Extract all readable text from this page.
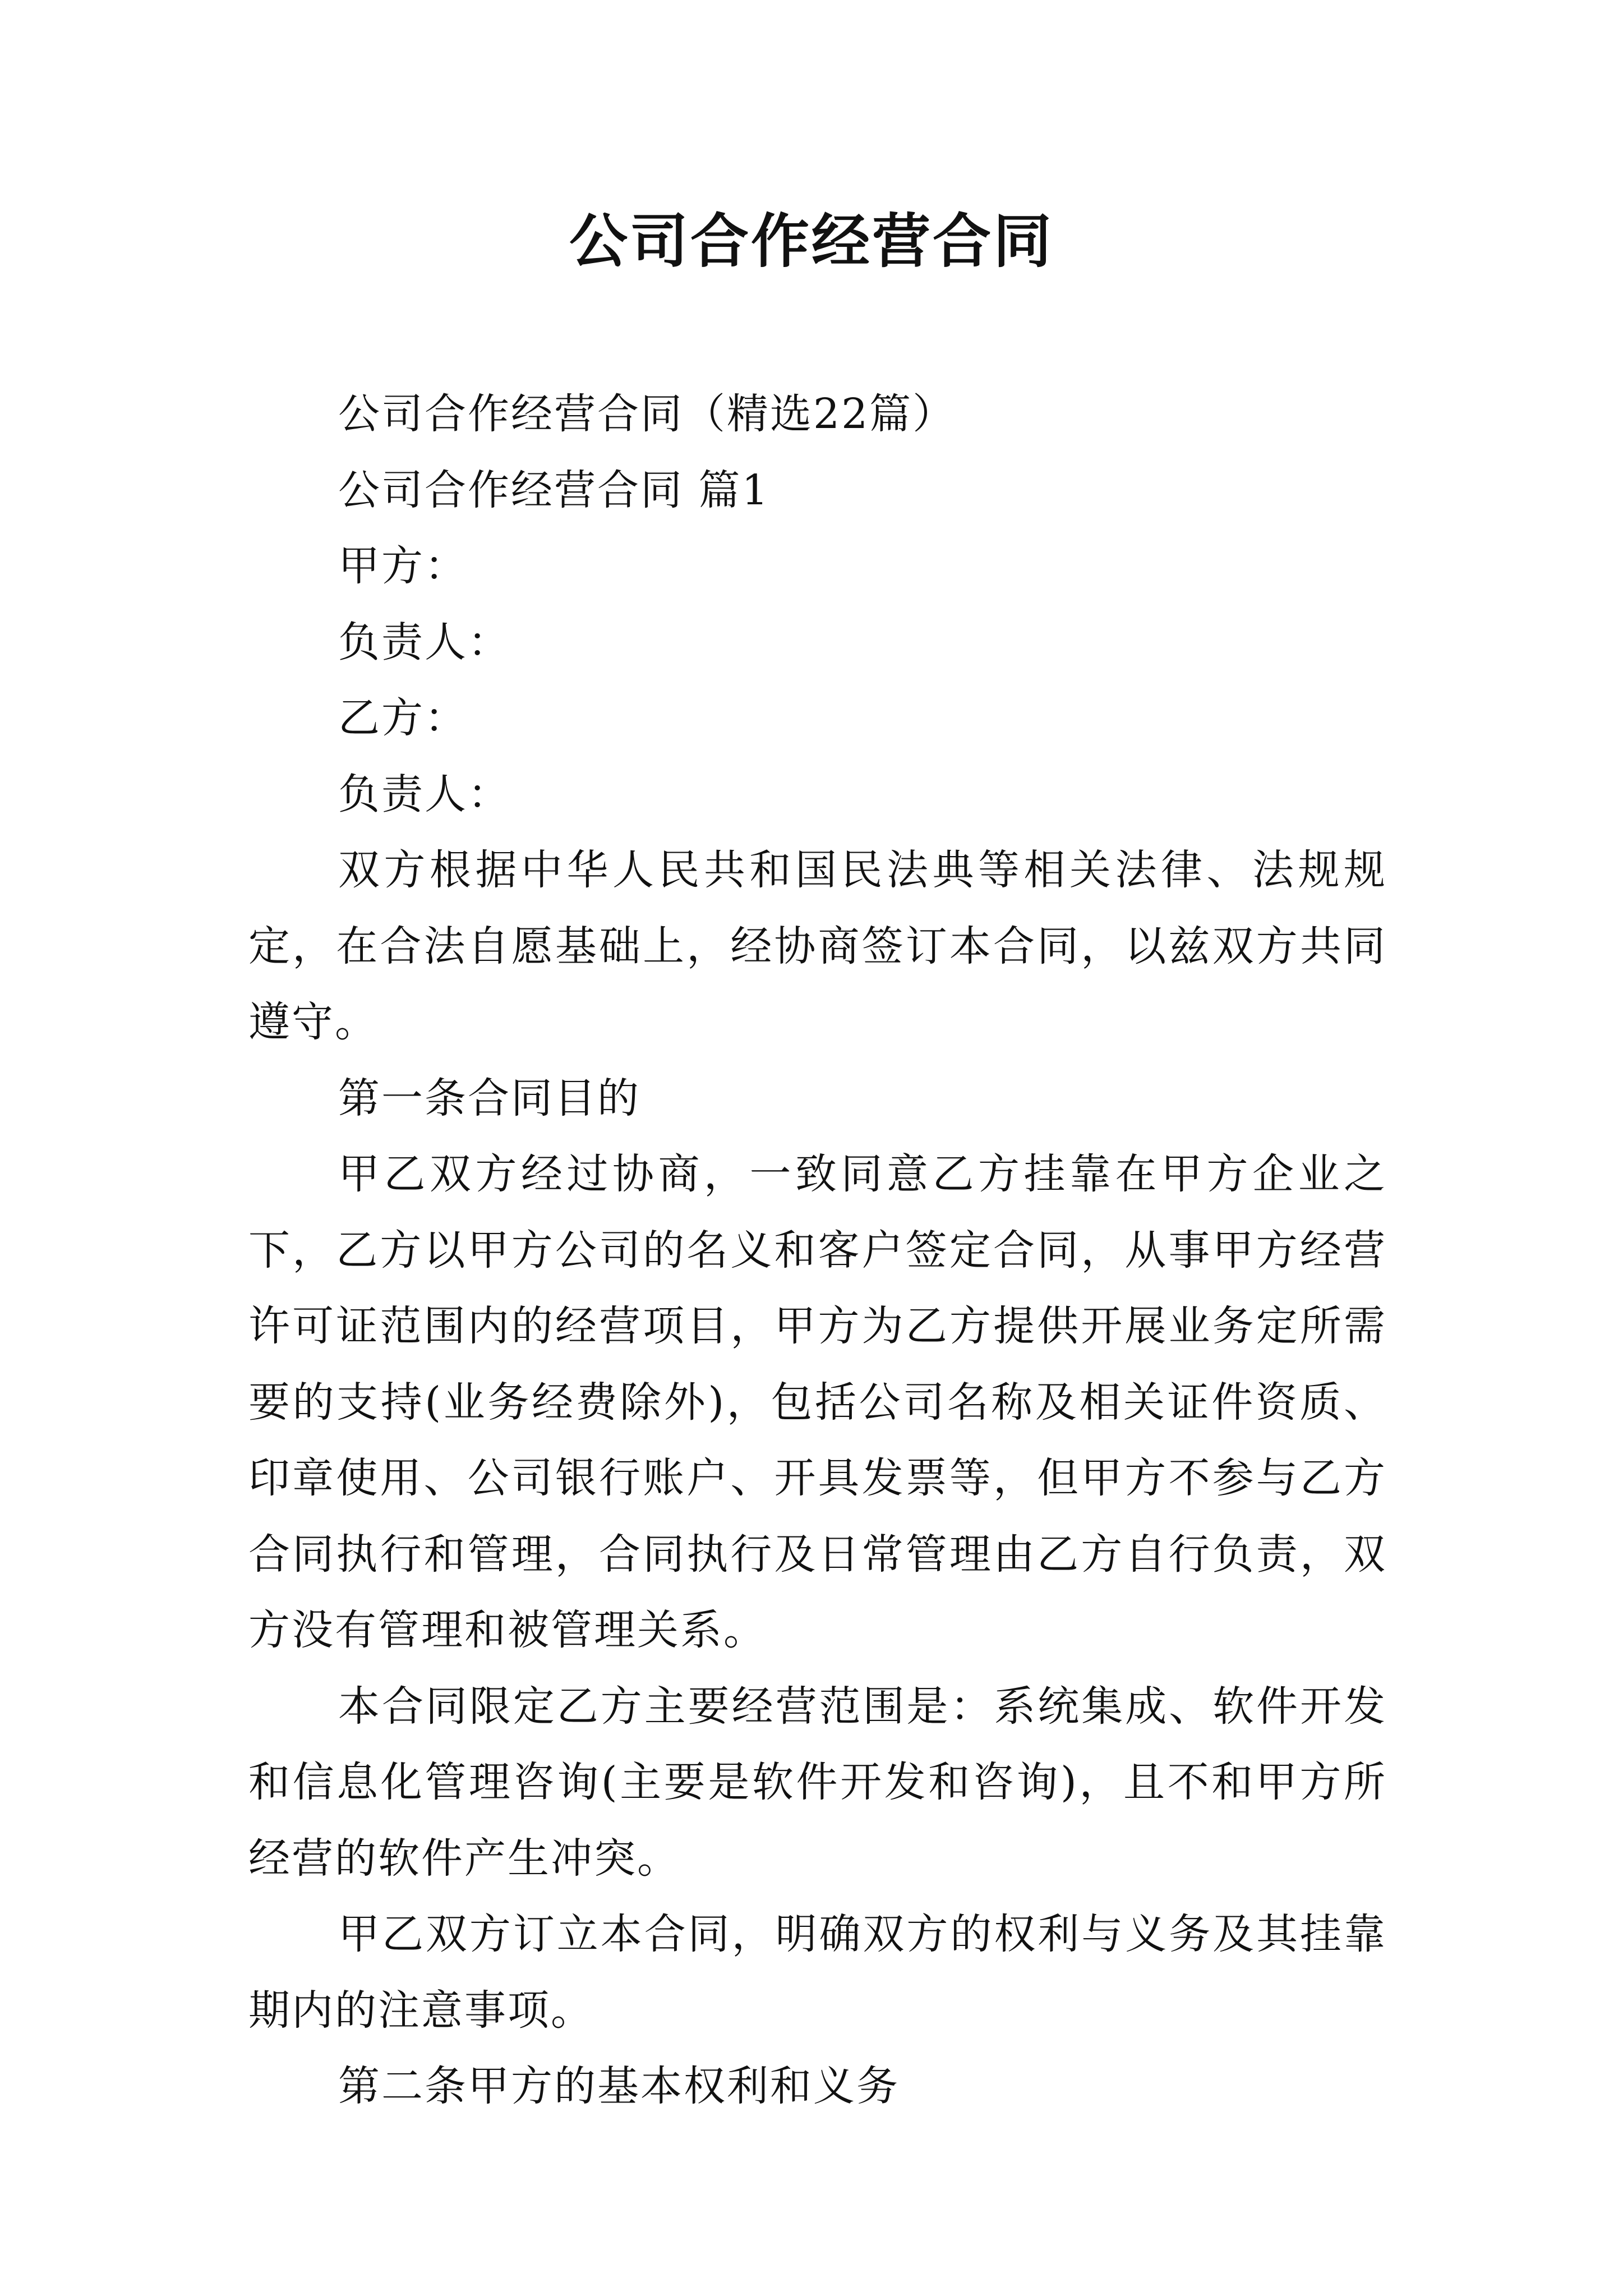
公司合作经营合同

公司合作经营合同（精选22篇）

公司合作经营合同 篇1

甲方：

负责人：

乙方：

负责人：

双方根据中华人民共和国民法典等相关法律、法规规定，在合法自愿基础上，经协商签订本合同，以兹双方共同遵守。

第一条合同目的

甲乙双方经过协商，一致同意乙方挂靠在甲方企业之下，乙方以甲方公司的名义和客户签定合同，从事甲方经营许可证范围内的经营项目，甲方为乙方提供开展业务定所需要的支持(业务经费除外)，包括公司名称及相关证件资质、印章使用、公司银行账户、开具发票等，但甲方不参与乙方合同执行和管理，合同执行及日常管理由乙方自行负责，双方没有管理和被管理关系。

本合同限定乙方主要经营范围是：系统集成、软件开发和信息化管理咨询(主要是软件开发和咨询)，且不和甲方所经营的软件产生冲突。

甲乙双方订立本合同，明确双方的权利与义务及其挂靠期内的注意事项。

第二条甲方的基本权利和义务
